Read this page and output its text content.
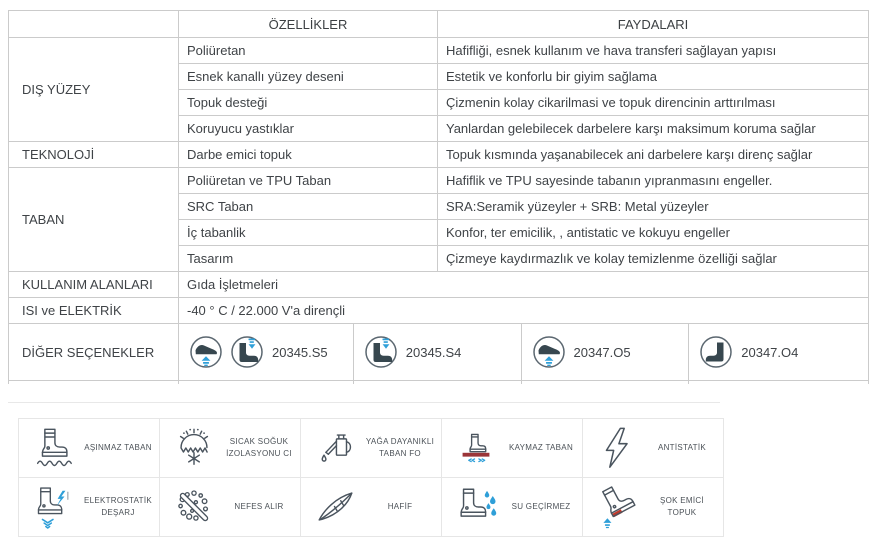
	ÖZELLİKLER	FAYDALARI
DIŞ YÜZEY	Poliüretan	Hafifliği, esnek kullanım ve hava transferi sağlayan yapısı
	Esnek kanallı yüzey deseni	Estetik ve konforlu bir giyim sağlama
	Topuk desteği	Çizmenin kolay cikarilmasi ve topuk direncinin arttırılması
	Koruyucu yastıklar	Yanlardan gelebilecek darbelere karşı maksimum koruma sağlar
TEKNOLOJİ	Darbe emici topuk	Topuk kısmında yaşanabilecek ani darbelere karşı direnç sağlar
TABAN	Poliüretan ve TPU Taban	Hafiflik ve TPU sayesinde tabanın yıpranmasını engeller.
	SRC Taban	SRA:Seramik yüzeyler + SRB: Metal yüzeyler
	İç tabanlik	Konfor, ter emicilik, , antistatic ve kokuyu engeller
	Tasarım	Çizmeye kaydırmazlık ve kolay temizlenme özelliği sağlar
KULLANIM ALANLARI	Gıda İşletmeleri	
ISI ve ELEKTRİK	-40 ° C / 22.000 V'a dirençli	
DİĞER SEÇENEKLER	20345.S5 20345.S4 20347.O5 20347.O4	

AŞINMAZ TABAN	SICAK SOĞUK İZOLASYONU CI	YAĞA DAYANIKLI TABAN FO	KAYMAZ TABAN	ANTİSTATİK

ELEKTROSTATİK DEŞARJ	NEFES ALIR	HAFİF	SU GEÇİRMEZ	ŞOK EMİCİ TOPUK
